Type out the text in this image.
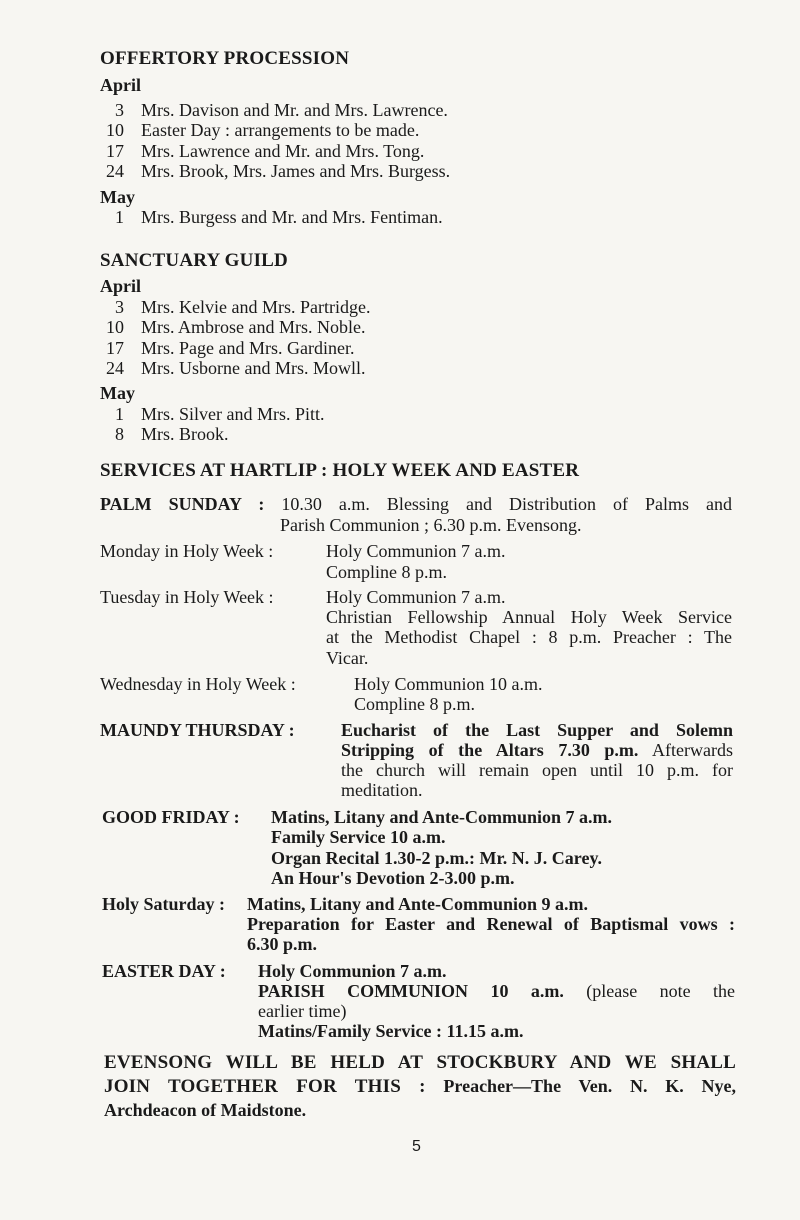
OFFERTORY PROCESSION
April
3 Mrs. Davison and Mr. and Mrs. Lawrence.
10 Easter Day : arrangements to be made.
17 Mrs. Lawrence and Mr. and Mrs. Tong.
24 Mrs. Brook, Mrs. James and Mrs. Burgess.
May
1 Mrs. Burgess and Mr. and Mrs. Fentiman.
SANCTUARY GUILD
April
3 Mrs. Kelvie and Mrs. Partridge.
10 Mrs. Ambrose and Mrs. Noble.
17 Mrs. Page and Mrs. Gardiner.
24 Mrs. Usborne and Mrs. Mowll.
May
1 Mrs. Silver and Mrs. Pitt.
8 Mrs. Brook.
SERVICES AT HARTLIP : HOLY WEEK AND EASTER
PALM SUNDAY : 10.30 a.m. Blessing and Distribution of Palms and
Parish Communion ; 6.30 p.m. Evensong.
Monday in Holy Week :	Holy Communion 7 a.m.
Compline 8 p.m.
Tuesday in Holy Week :	Holy Communion 7 a.m.
Christian Fellowship Annual Holy Week Service
at the Methodist Chapel : 8 p.m. Preacher : The
Vicar.
Wednesday in Holy Week :	Holy Communion 10 a.m.
Compline 8 p.m.
MAUNDY THURSDAY :	Eucharist of the Last Supper and Solemn
Stripping of the Altars 7.30 p.m. Afterwards
the church will remain open until 10 p.m. for
meditation.
GOOD FRIDAY : Matins, Litany and Ante-Communion 7 a.m.
Family Service 10 a.m.
Organ Recital 1.30-2 p.m.: Mr. N. J. Carey.
An Hour's Devotion 2-3.00 p.m.
Holy Saturday : Matins, Litany and Ante-Communion 9 a.m.
Preparation for Easter and Renewal of Baptismal vows :
6.30 p.m.
EASTER DAY : Holy Communion 7 a.m.
PARISH COMMUNION 10 a.m. (please note the
earlier time)
Matins/Family Service : 11.15 a.m.
EVENSONG WILL BE HELD AT STOCKBURY AND WE SHALL
JOIN TOGETHER FOR THIS : Preacher—The Ven. N. K. Nye,
Archdeacon of Maidstone.
5
